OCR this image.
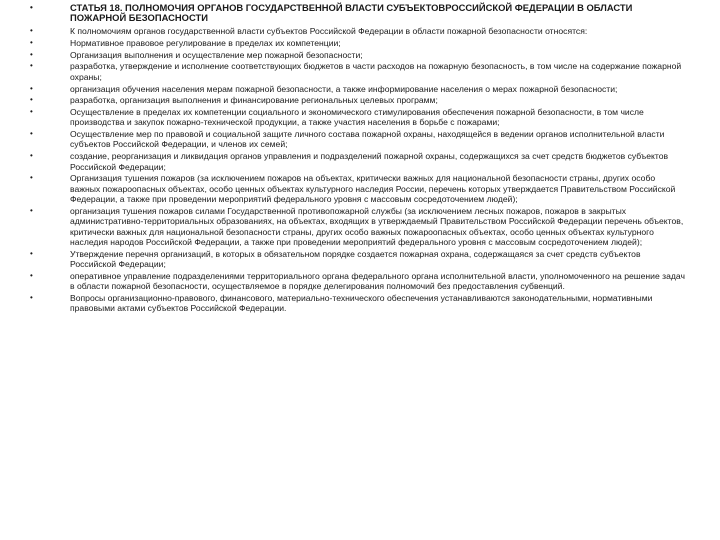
•	СТАТЬЯ 18. ПОЛНОМОЧИЯ ОРГАНОВ ГОСУДАРСТВЕННОЙ ВЛАСТИ СУБЪЕКТОВРОССИЙСКОЙ ФЕДЕРАЦИИ В ОБЛАСТИ ПОЖАРНОЙ БЕЗОПАСНОСТИ
•	К полномочиям органов государственной власти субъектов Российской Федерации в области пожарной безопасности относятся:
•	Нормативное правовое регулирование в пределах их компетенции;
•	Организация выполнения и осуществление мер пожарной безопасности;
•	разработка, утверждение и исполнение соответствующих бюджетов в части расходов на пожарную безопасность, в том числе на содержание пожарной охраны;
•	организация обучения населения мерам пожарной безопасности, а также информирование населения о мерах пожарной безопасности;
•	разработка, организация выполнения и финансирование региональных целевых программ;
•	Осуществление в пределах их компетенции социального и экономического стимулирования обеспечения пожарной безопасности, в том числе производства и закупок пожарно-технической продукции, а также участия населения в борьбе с пожарами;
•	Осуществление мер по правовой и социальной защите личного состава пожарной охраны, находящейся в ведении органов исполнительной власти субъектов Российской Федерации, и членов их семей;
•	создание, реорганизация и ликвидация органов управления и подразделений пожарной охраны, содержащихся за счет средств бюджетов субъектов Российской Федерации;
•	Организация тушения пожаров (за исключением пожаров на объектах, критически важных для национальной безопасности страны, других особо важных пожароопасных объектах, особо ценных объектах культурного наследия России, перечень которых утверждается Правительством Российской Федерации, а также при проведении мероприятий федерального уровня с массовым сосредоточением людей);
•	организация тушения пожаров силами Государственной противопожарной службы (за исключением лесных пожаров, пожаров в закрытых административно-территориальных образованиях, на объектах, входящих в утверждаемый Правительством Российской Федерации перечень объектов, критически важных для национальной безопасности страны, других особо важных пожароопасных объектах, особо ценных объектах культурного наследия народов Российской Федерации, а также при проведении мероприятий федерального уровня с массовым сосредоточением людей);
•	Утверждение перечня организаций, в которых в обязательном порядке создается пожарная охрана, содержащаяся за счет средств субъектов Российской Федерации;
•	оперативное управление подразделениями территориального органа федерального органа исполнительной власти, уполномоченного на решение задач в области пожарной безопасности, осуществляемое в порядке делегирования полномочий без предоставления субвенций.
•	Вопросы организационно-правового, финансового, материально-технического обеспечения устанавливаются законодательными, нормативными правовыми актами субъектов Российской Федерации.
